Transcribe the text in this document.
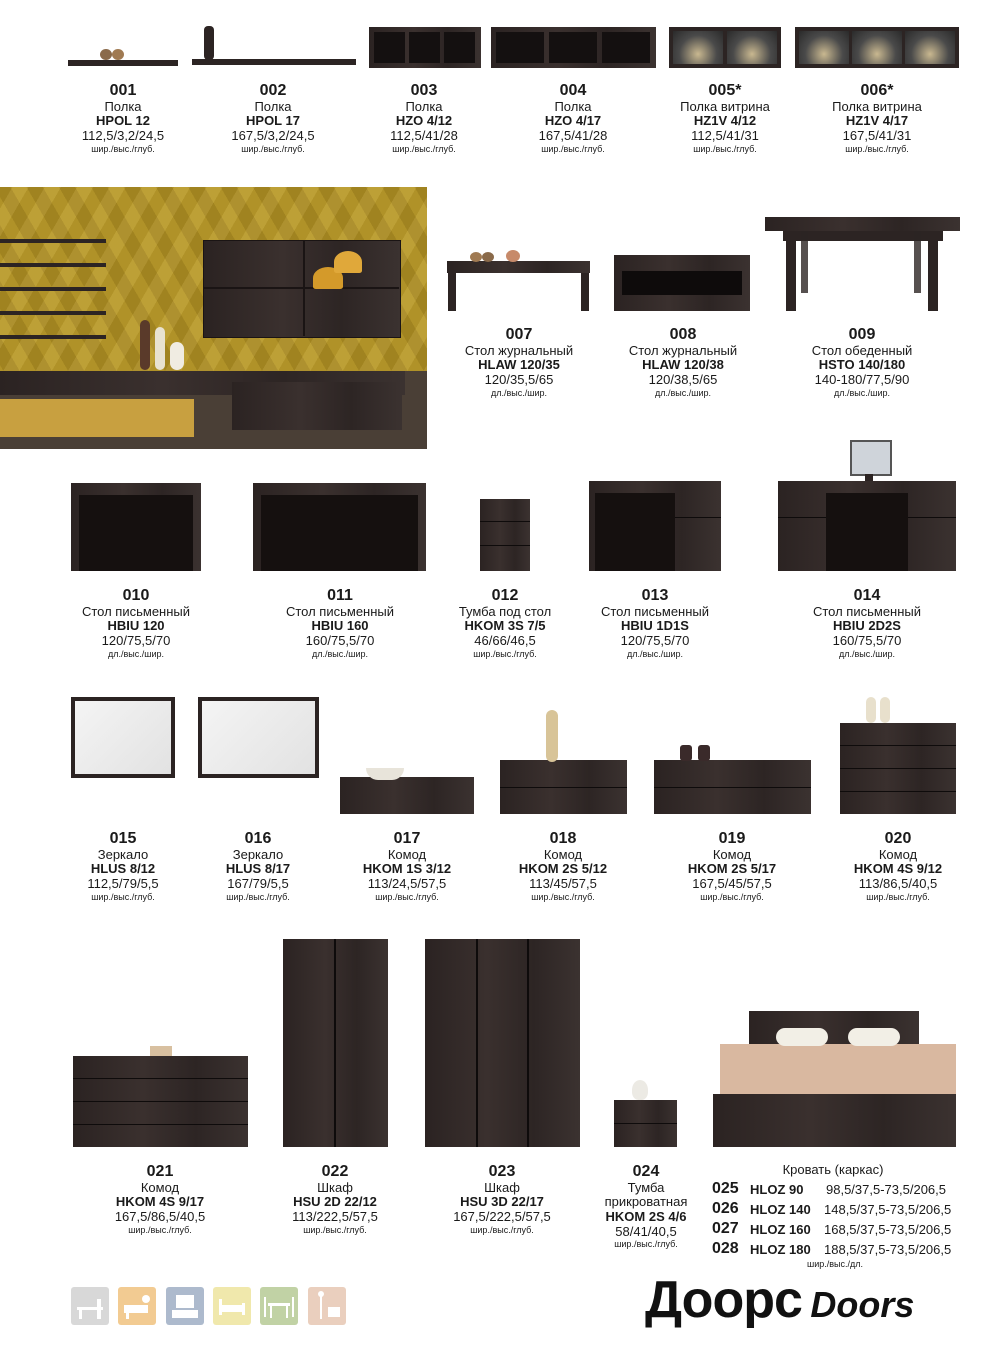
001
Полка
HPOL 12
112,5/3,2/24,5
шир./выс./глуб.
002
Полка
HPOL 17
167,5/3,2/24,5
шир./выс./глуб.
003
Полка
HZO 4/12
112,5/41/28
шир./выс./глуб.
004
Полка
HZO 4/17
167,5/41/28
шир./выс./глуб.
005*
Полка витрина
HZ1V 4/12
112,5/41/31
шир./выс./глуб.
006*
Полка витрина
HZ1V 4/17
167,5/41/31
шир./выс./глуб.
007
Стол журнальный
HLAW 120/35
120/35,5/65
дл./выс./шир.
008
Стол журнальный
HLAW 120/38
120/38,5/65
дл./выс./шир.
009
Стол обеденный
HSTO 140/180
140-180/77,5/90
дл./выс./шир.
010
Стол письменный
HBIU 120
120/75,5/70
дл./выс./шир.
011
Стол письменный
HBIU 160
160/75,5/70
дл./выс./шир.
012
Тумба под стол
HKOM 3S 7/5
46/66/46,5
шир./выс./глуб.
013
Стол письменный
HBIU 1D1S
120/75,5/70
дл./выс./шир.
014
Стол письменный
HBIU 2D2S
160/75,5/70
дл./выс./шир.
015
Зеркало
HLUS 8/12
112,5/79/5,5
шир./выс./глуб.
016
Зеркало
HLUS 8/17
167/79/5,5
шир./выс./глуб.
017
Комод
HKOM 1S 3/12
113/24,5/57,5
шир./выс./глуб.
018
Комод
HKOM 2S 5/12
113/45/57,5
шир./выс./глуб.
019
Комод
HKOM 2S 5/17
167,5/45/57,5
шир./выс./глуб.
020
Комод
HKOM 4S 9/12
113/86,5/40,5
шир./выс./глуб.
021
Комод
HKOM 4S 9/17
167,5/86,5/40,5
шир./выс./глуб.
022
Шкаф
HSU 2D 22/12
113/222,5/57,5
шир./выс./глуб.
023
Шкаф
HSU 3D 22/17
167,5/222,5/57,5
шир./выс./глуб.
024
Тумба прикроватная
HKOM 2S 4/6
58/41/40,5
шир./выс./глуб.
Кровать (каркас)
025 HLOZ 90 98,5/37,5-73,5/206,5
026 HLOZ 140 148,5/37,5-73,5/206,5
027 HLOZ 160 168,5/37,5-73,5/206,5
028 HLOZ 180 188,5/37,5-73,5/206,5
шир./выс./дл.
Доорс Doors
